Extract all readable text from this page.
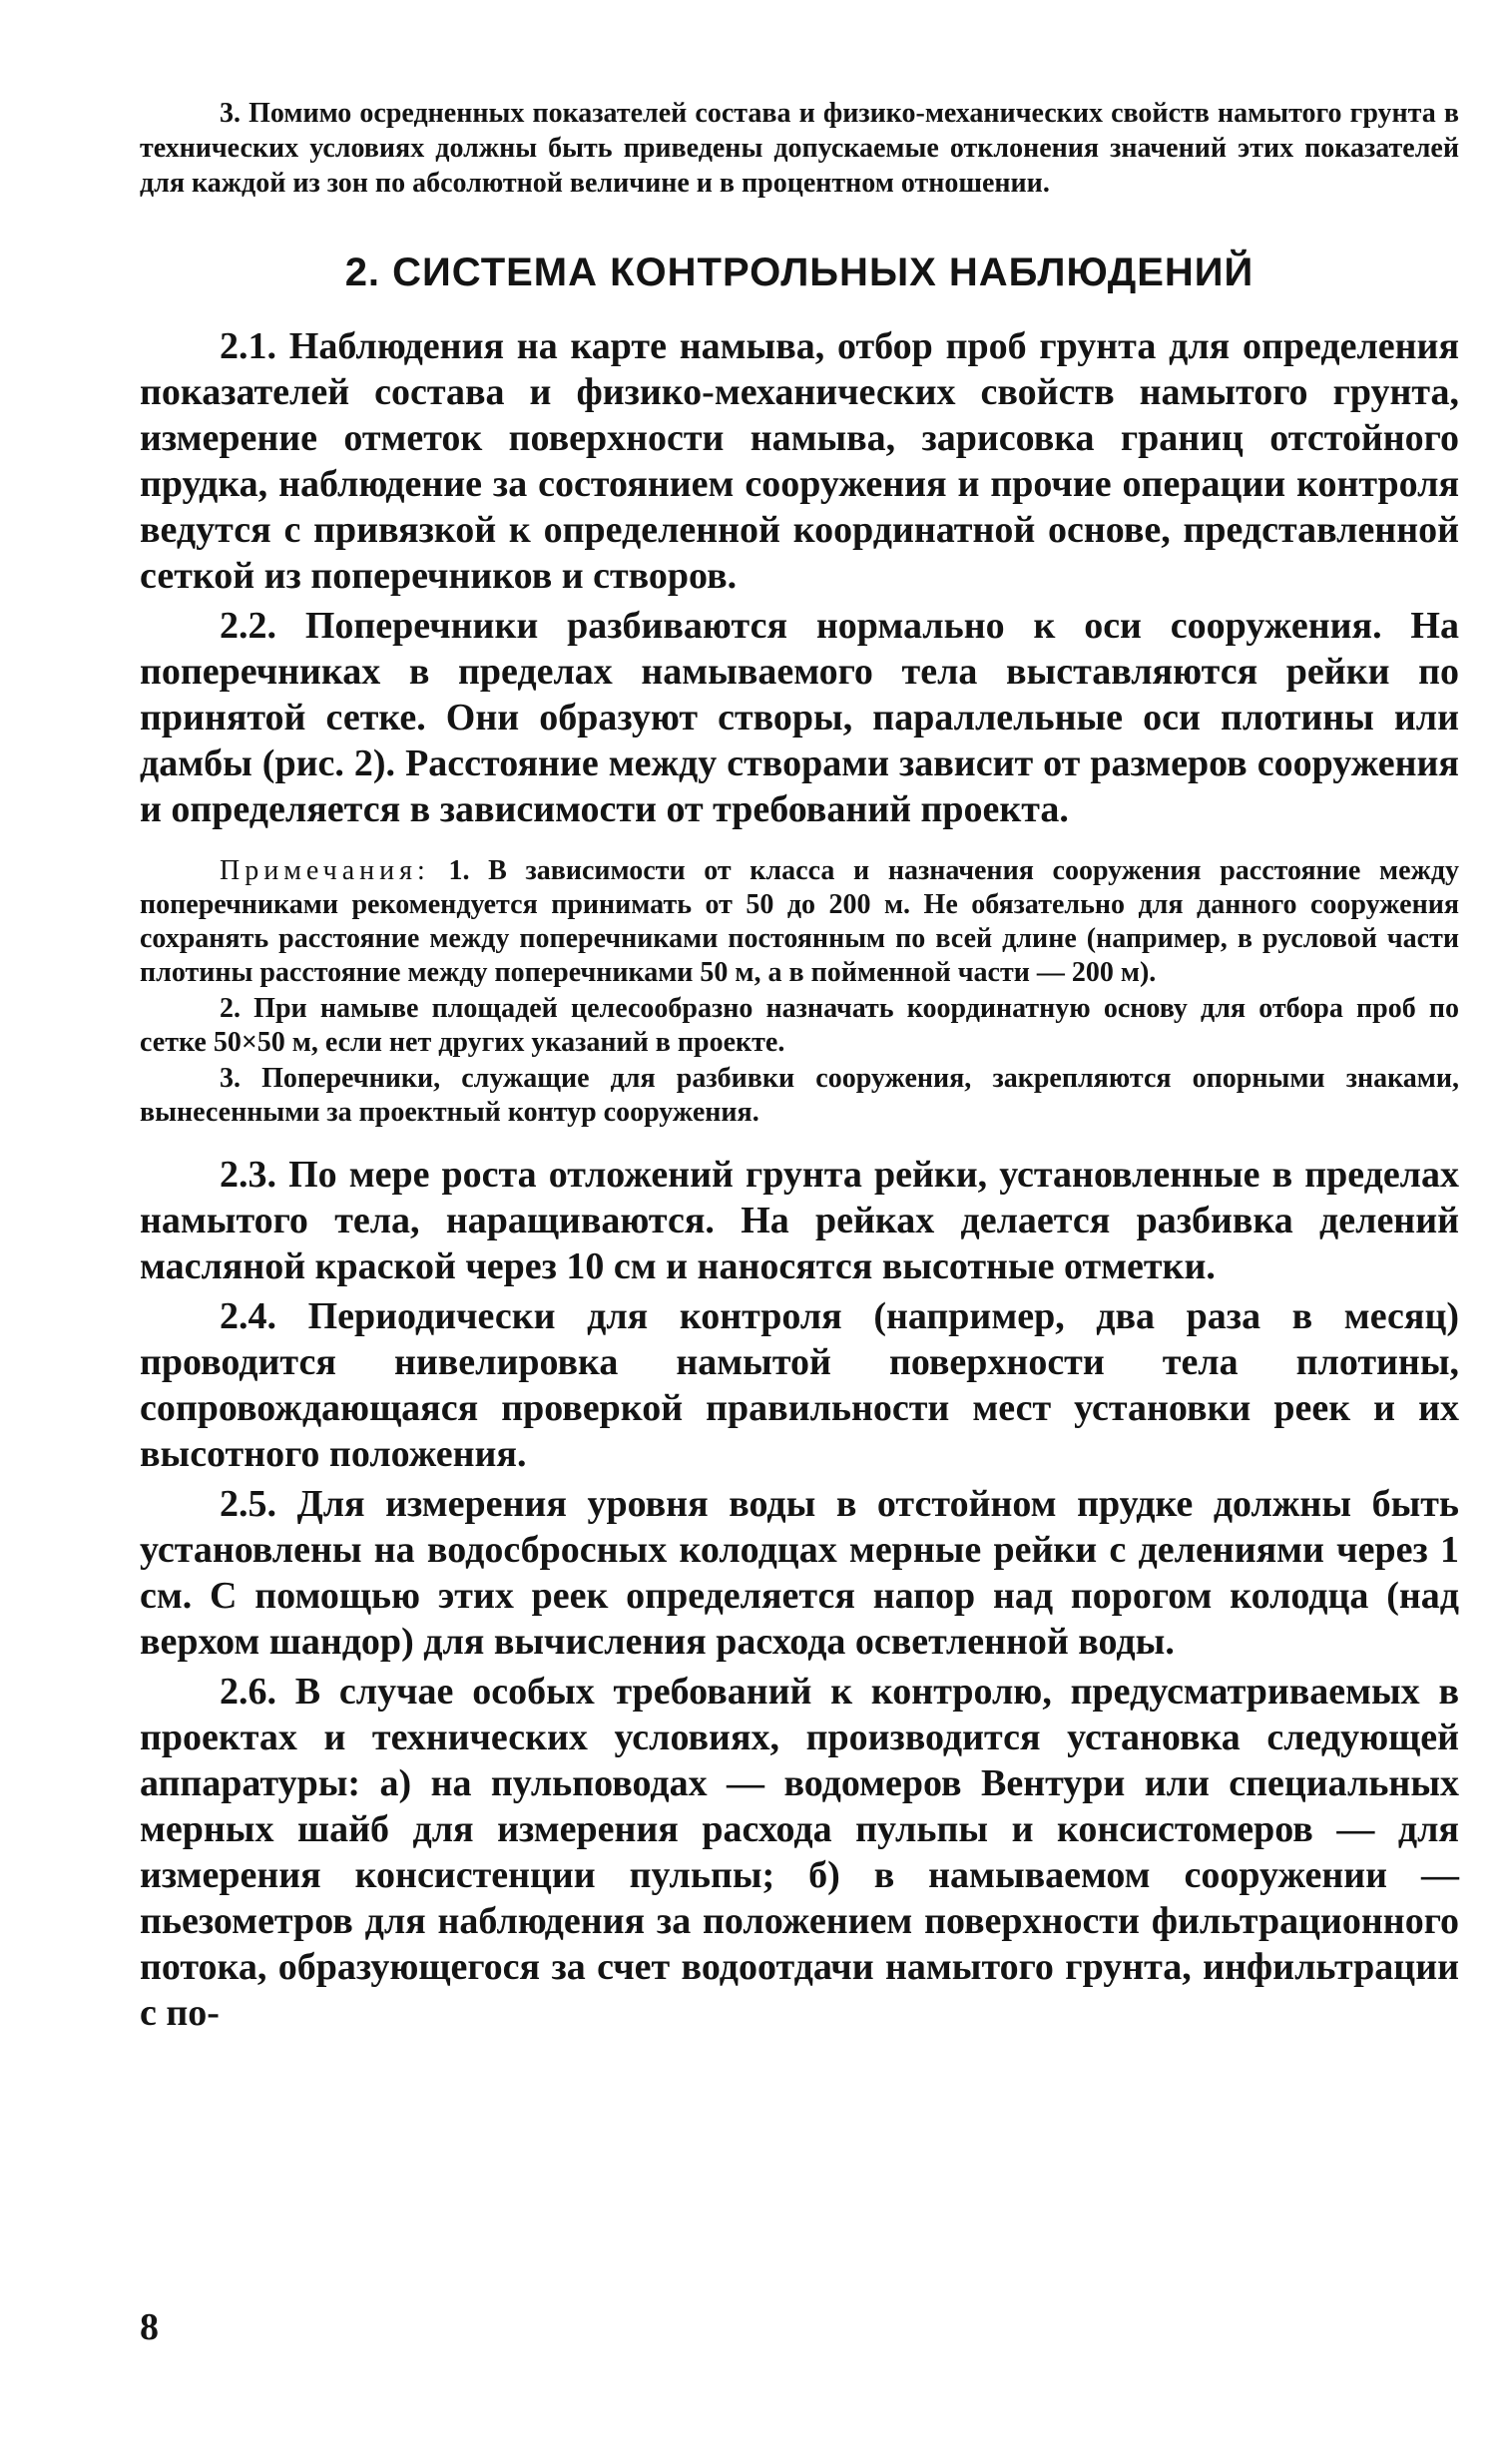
3. Помимо осредненных показателей состава и физико-механических свойств намытого грунта в технических условиях должны быть приведены допускаемые отклонения значений этих показателей для каждой из зон по абсолютной величине и в процентном отношении.

2. СИСТЕМА КОНТРОЛЬНЫХ НАБЛЮДЕНИЙ

2.1. Наблюдения на карте намыва, отбор проб грунта для определения показателей состава и физико-механических свойств намытого грунта, измерение отметок поверхности намыва, зарисовка границ отстойного прудка, наблюдение за состоянием сооружения и прочие операции контроля ведутся с привязкой к определенной координатной основе, представленной сеткой из поперечников и створов.

2.2. Поперечники разбиваются нормально к оси сооружения. На поперечниках в пределах намываемого тела выставляются рейки по принятой сетке. Они образуют створы, параллельные оси плотины или дамбы (рис. 2). Расстояние между створами зависит от размеров сооружения и определяется в зависимости от требований проекта.

Примечания: 1. В зависимости от класса и назначения сооружения расстояние между поперечниками рекомендуется принимать от 50 до 200 м. Не обязательно для данного сооружения сохранять расстояние между поперечниками постоянным по всей длине (например, в русловой части плотины расстояние между поперечниками 50 м, а в пойменной части — 200 м).

2. При намыве площадей целесообразно назначать координатную основу для отбора проб по сетке 50×50 м, если нет других указаний в проекте.

3. Поперечники, служащие для разбивки сооружения, закрепляются опорными знаками, вынесенными за проектный контур сооружения.

2.3. По мере роста отложений грунта рейки, установленные в пределах намытого тела, наращиваются. На рейках делается разбивка делений масляной краской через 10 см и наносятся высотные отметки.

2.4. Периодически для контроля (например, два раза в месяц) проводится нивелировка намытой поверхности тела плотины, сопровождающаяся проверкой правильности мест установки реек и их высотного положения.

2.5. Для измерения уровня воды в отстойном прудке должны быть установлены на водосбросных колодцах мерные рейки с делениями через 1 см. С помощью этих реек определяется напор над порогом колодца (над верхом шандор) для вычисления расхода осветленной воды.

2.6. В случае особых требований к контролю, предусматриваемых в проектах и технических условиях, производится установка следующей аппаратуры: а) на пульповодах — водомеров Вентури или специальных мерных шайб для измерения расхода пульпы и консистомеров — для измерения консистенции пульпы; б) в намываемом сооружении — пьезометров для наблюдения за положением поверхности фильтрационного потока, образующегося за счет водоотдачи намытого грунта, инфильтрации с по-

8
